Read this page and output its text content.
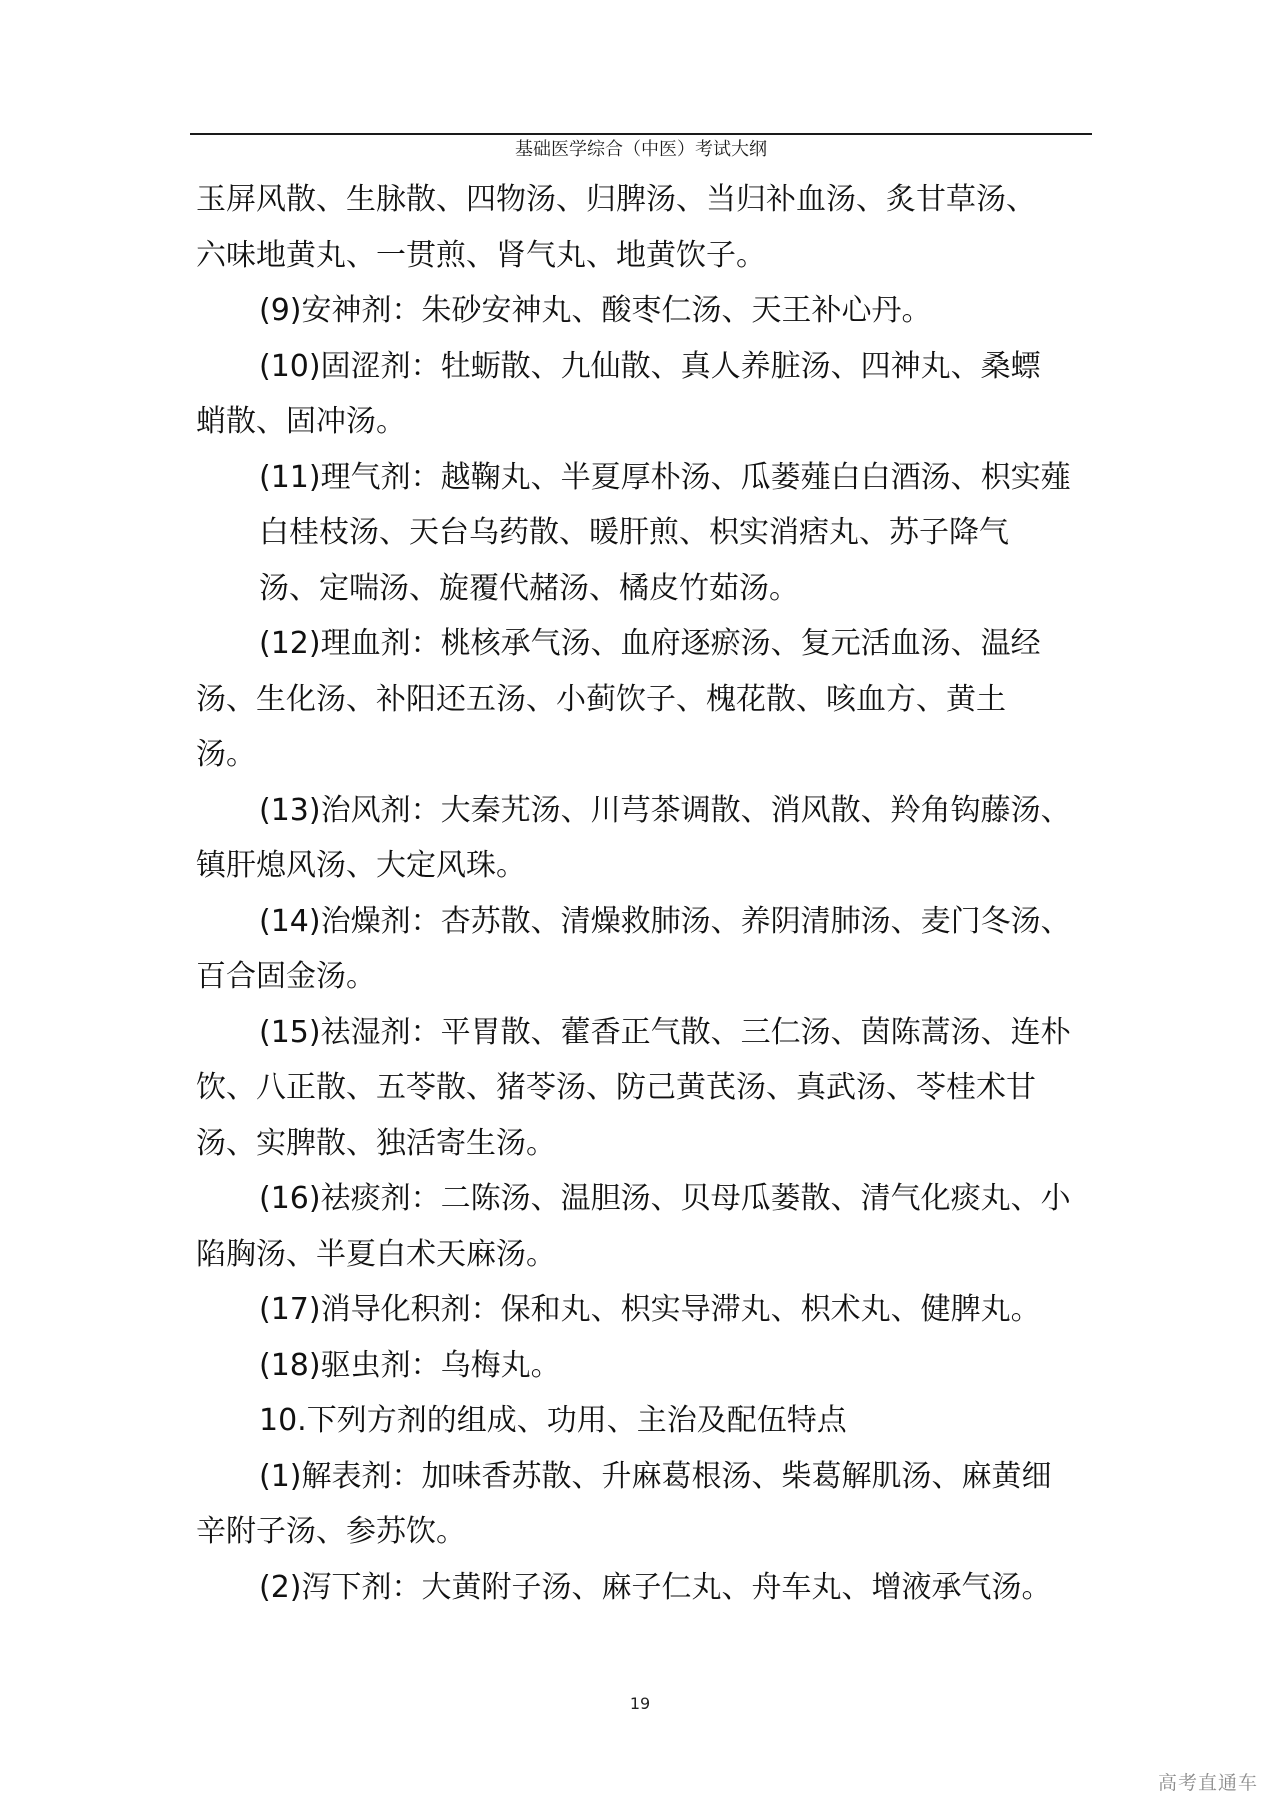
基础医学综合（中医）考试大纲

玉屏风散、生脉散、四物汤、归脾汤、当归补血汤、炙甘草汤、
六味地黄丸、一贯煎、肾气丸、地黄饮子。

(9)安神剂：朱砂安神丸、酸枣仁汤、天王补心丹。

(10)固涩剂：牡蛎散、九仙散、真人养脏汤、四神丸、桑螵
蛸散、固冲汤。

(11)理气剂：越鞠丸、半夏厚朴汤、瓜蒌薤白白酒汤、枳实薤
白桂枝汤、天台乌药散、暖肝煎、枳实消痞丸、苏子降气
汤、定喘汤、旋覆代赭汤、橘皮竹茹汤。

(12)理血剂：桃核承气汤、血府逐瘀汤、复元活血汤、温经
汤、生化汤、补阳还五汤、小蓟饮子、槐花散、咳血方、黄土
汤。

(13)治风剂：大秦艽汤、川芎茶调散、消风散、羚角钩藤汤、
镇肝熄风汤、大定风珠。

(14)治燥剂：杏苏散、清燥救肺汤、养阴清肺汤、麦门冬汤、
百合固金汤。

(15)祛湿剂：平胃散、藿香正气散、三仁汤、茵陈蒿汤、连朴
饮、八正散、五苓散、猪苓汤、防己黄芪汤、真武汤、苓桂术甘
汤、实脾散、独活寄生汤。

(16)祛痰剂：二陈汤、温胆汤、贝母瓜蒌散、清气化痰丸、小
陷胸汤、半夏白术天麻汤。

(17)消导化积剂：保和丸、枳实导滞丸、枳术丸、健脾丸。

(18)驱虫剂：乌梅丸。

10.下列方剂的组成、功用、主治及配伍特点

(1)解表剂：加味香苏散、升麻葛根汤、柴葛解肌汤、麻黄细
辛附子汤、参苏饮。

(2)泻下剂：大黄附子汤、麻子仁丸、舟车丸、增液承气汤。

19
高考直通车
